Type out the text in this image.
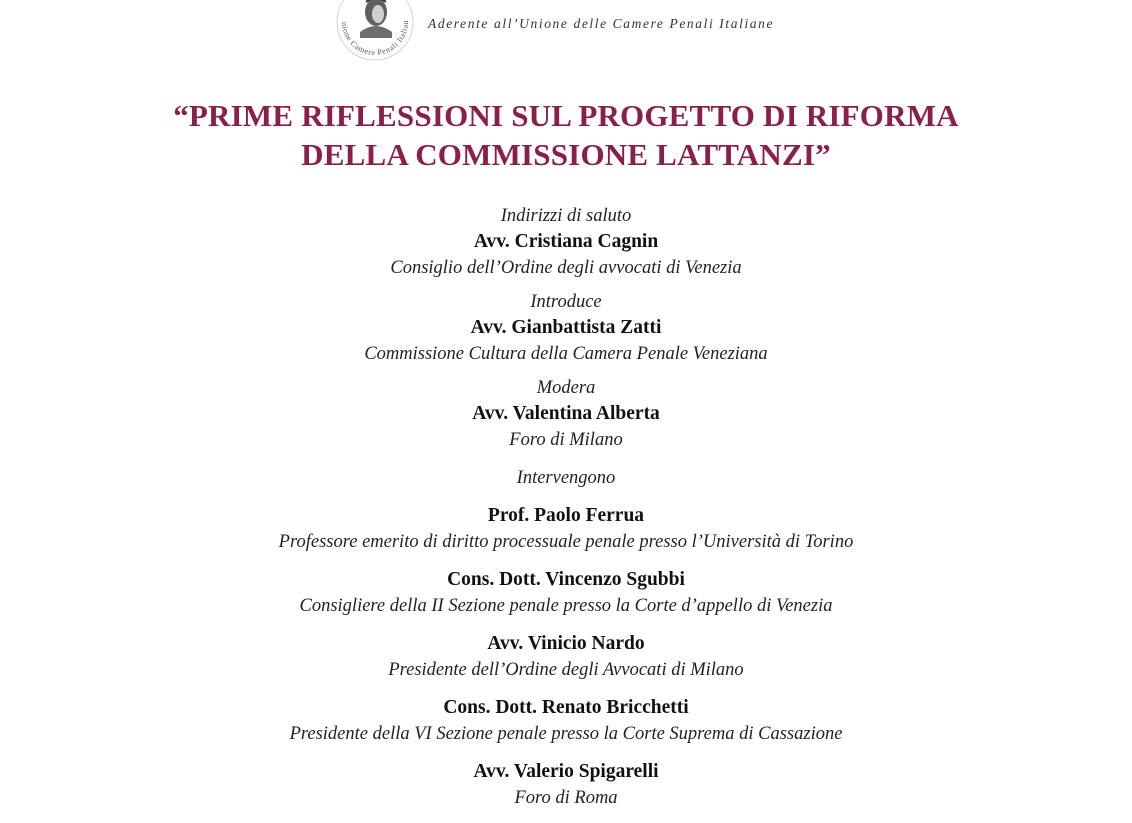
nione Camere Penali Italian Aderente all’Unione delle Camere Penali Italiane
“PRIME RIFLESSIONI SUL PROGETTO DI RIFORMA
DELLA COMMISSIONE LATTANZI”
Indirizzi di saluto
Avv. Cristiana Cagnin
Consiglio dell’Ordine degli avvocati di Venezia
Introduce
Avv. Gianbattista Zatti
Commissione Cultura della Camera Penale Veneziana
Modera
Avv. Valentina Alberta
Foro di Milano
Intervengono
Prof. Paolo Ferrua
Professore emerito di diritto processuale penale presso l’Università di Torino
Cons. Dott. Vincenzo Sgubbi
Consigliere della II Sezione penale presso la Corte d’appello di Venezia
Avv. Vinicio Nardo
Presidente dell’Ordine degli Avvocati di Milano
Cons. Dott. Renato Bricchetti
Presidente della VI Sezione penale presso la Corte Suprema di Cassazione
Avv. Valerio Spigarelli
Foro di Roma
